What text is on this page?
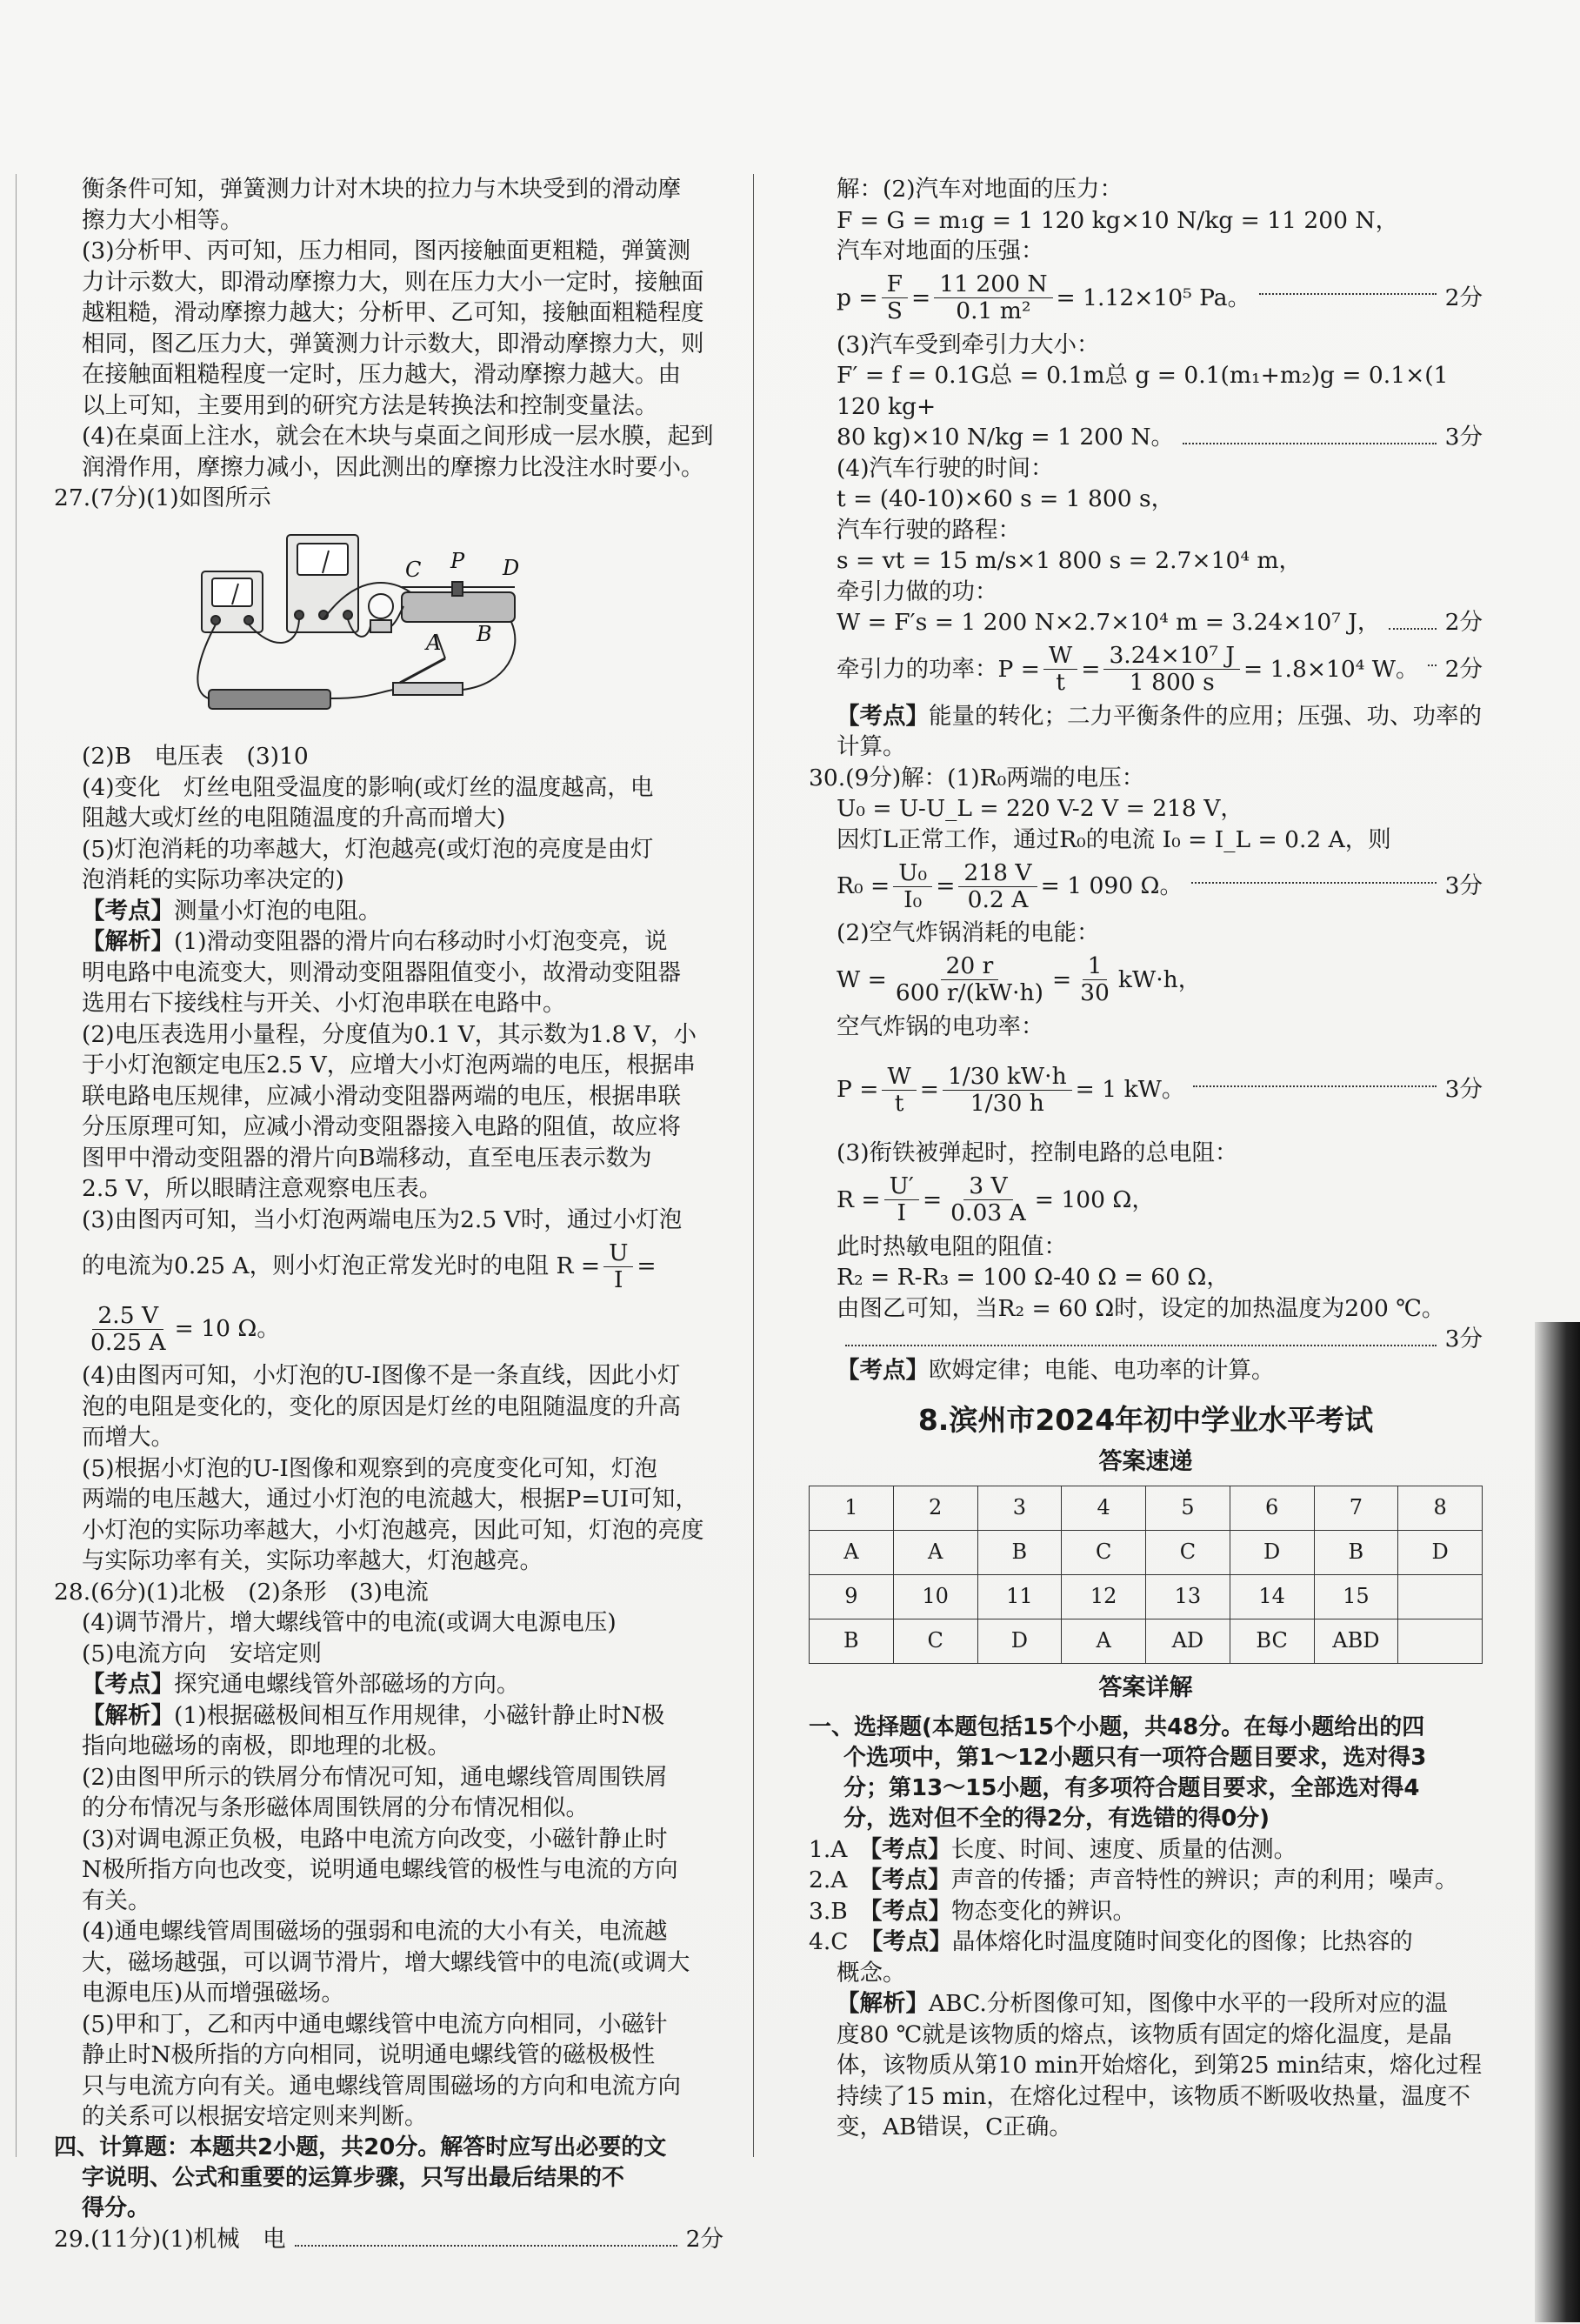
衡条件可知，弹簧测力计对木块的拉力与木块受到的滑动摩

擦力大小相等。

(3)分析甲、丙可知，压力相同，图丙接触面更粗糙，弹簧测

力计示数大，即滑动摩擦力大，则在压力大小一定时，接触面

越粗糙，滑动摩擦力越大；分析甲、乙可知，接触面粗糙程度

相同，图乙压力大，弹簧测力计示数大，即滑动摩擦力大，则

在接触面粗糙程度一定时，压力越大，滑动摩擦力越大。由

以上可知，主要用到的研究方法是转换法和控制变量法。

(4)在桌面上注水，就会在木块与桌面之间形成一层水膜，起到

润滑作用，摩擦力减小，因此测出的摩擦力比没注水时要小。

27.(7分)(1)如图所示

C P D
A B

(2)B　电压表　(3)10

(4)变化　灯丝电阻受温度的影响(或灯丝的温度越高，电

阻越大或灯丝的电阻随温度的升高而增大)

(5)灯泡消耗的功率越大，灯泡越亮(或灯泡的亮度是由灯

泡消耗的实际功率决定的)

【考点】测量小灯泡的电阻。

【解析】(1)滑动变阻器的滑片向右移动时小灯泡变亮，说

明电路中电流变大，则滑动变阻器阻值变小，故滑动变阻器

选用右下接线柱与开关、小灯泡串联在电路中。

(2)电压表选用小量程，分度值为0.1 V，其示数为1.8 V，小

于小灯泡额定电压2.5 V，应增大小灯泡两端的电压，根据串

联电路电压规律，应减小滑动变阻器两端的电压，根据串联

分压原理可知，应减小滑动变阻器接入电路的阻值，故应将

图甲中滑动变阻器的滑片向B端移动，直至电压表示数为

2.5 V，所以眼睛注意观察电压表。

(3)由图丙可知，当小灯泡两端电压为2.5 V时，通过小灯泡

的电流为0.25 A，则小灯泡正常发光时的电阻 $R = \frac{U}{I}$ =
$\frac{2.5 V}{0.25 A} = 10$ Ω。

(4)由图丙可知，小灯泡的U-I图像不是一条直线，因此小灯

泡的电阻是变化的，变化的原因是灯丝的电阻随温度的升高

而增大。

(5)根据小灯泡的U-I图像和观察到的亮度变化可知，灯泡

两端的电压越大，通过小灯泡的电流越大，根据P=UI可知，

小灯泡的实际功率越大，小灯泡越亮，因此可知，灯泡的亮度

与实际功率有关，实际功率越大，灯泡越亮。

28.(6分)(1)北极　(2)条形　(3)电流

(4)调节滑片，增大螺线管中的电流(或调大电源电压)

(5)电流方向　安培定则

【考点】探究通电螺线管外部磁场的方向。

【解析】(1)根据磁极间相互作用规律，小磁针静止时N极

指向地磁场的南极，即地理的北极。

(2)由图甲所示的铁屑分布情况可知，通电螺线管周围铁屑

的分布情况与条形磁体周围铁屑的分布情况相似。

(3)对调电源正负极，电路中电流方向改变，小磁针静止时

N极所指方向也改变，说明通电螺线管的极性与电流的方向

有关。

(4)通电螺线管周围磁场的强弱和电流的大小有关，电流越

大，磁场越强，可以调节滑片，增大螺线管中的电流(或调大

电源电压)从而增强磁场。

(5)甲和丁，乙和丙中通电螺线管中电流方向相同，小磁针

静止时N极所指的方向相同，说明通电螺线管的磁极极性

只与电流方向有关。通电螺线管周围磁场的方向和电流方向

的关系可以根据安培定则来判断。

四、计算题：本题共2小题，共20分。解答时应写出必要的文

字说明、公式和重要的运算步骤，只写出最后结果的不

得分。

29.(11分)(1)机械　电	2分

解：(2)汽车对地面的压力：

F = G = m₁g = 1 120 kg×10 N/kg = 11 200 N，

汽车对地面的压强：

$p = \frac{F}{S} = \frac{11 200 N}{\text{0.1 m²}} = 1.12\times 10^5$ Pa。	2分

(3)汽车受到牵引力大小：

F′ = f = 0.1G总 = 0.1m总 g = 0.1(m₁+m₂)g = 0.1×(1 120 kg+

80 kg)×10 N/kg = 1 200 N。	3分

(4)汽车行驶的时间：

t = (40-10)×60 s = 1 800 s，

汽车行驶的路程：

s = vt = 15 m/s×1 800 s = 2.7×10⁴ m，

牵引力做的功：

W = F′s = 1 200 N×2.7×10⁴ m = 3.24×10⁷ J，	2分
牵引力的功率：$P = \frac{W}{t} = \frac{\text{3.24×10⁷ J}}{1 800 s} = 1.8\times 10^4$ W。 2分

【考点】能量的转化；二力平衡条件的应用；压强、功、功率的

计算。

30.(9分)解：(1)R₀两端的电压：

U₀ = U-U_L = 220 V-2 V = 218 V，

因灯L正常工作，通过R₀的电流 I₀ = I_L = 0.2 A，则

$R_0 = \frac{\text{U₀}}{\text{I₀}} = \frac{218 V}{0.2 A} = 1$ 090 Ω。	3分

(2)空气炸锅消耗的电能：

$W = \frac{20 r}{600 r/(kW\cdot h)} = \frac{1}{30} kW\cdot h$，

空气炸锅的电功率：

$P = \frac{W}{t} = \frac{1/30 kW\cdot h}{1/30 h} = 1$ kW。	3分

(3)衔铁被弹起时，控制电路的总电阻：

$R = \frac{U'}{I} = \frac{3 V}{0.03 A} = 100$ Ω，

此时热敏电阻的阻值：

R₂ = R-R₃ = 100 Ω-40 Ω = 60 Ω，

由图乙可知，当R₂ = 60 Ω时，设定的加热温度为200 ℃。

3分

【考点】欧姆定律；电能、电功率的计算。

8.滨州市2024年初中学业水平考试
答案速递
1	2	3	4	5	6	7	8
A	A	B	C	C	D	B	D
9	10	11	12	13	14	15	
B	C	D	A	AD	BC	ABD	
答案详解

一、选择题(本题包括15个小题，共48分。在每小题给出的四

个选项中，第1～12小题只有一项符合题目要求，选对得3

分；第13～15小题，有多项符合题目要求，全部选对得4

分，选对但不全的得2分，有选错的得0分)

1.A　 【考点】长度、时间、速度、质量的估测。

2.A　 【考点】声音的传播；声音特性的辨识；声的利用；噪声。

3.B　 【考点】物态变化的辨识。

4.C　 【考点】晶体熔化时温度随时间变化的图像；比热容的

概念。

【解析】ABC.分析图像可知，图像中水平的一段所对应的温

度80 ℃就是该物质的熔点，该物质有固定的熔化温度，是晶

体，该物质从第10 min开始熔化，到第25 min结束，熔化过程

持续了15 min，在熔化过程中，该物质不断吸收热量，温度不

变，AB错误，C正确。
